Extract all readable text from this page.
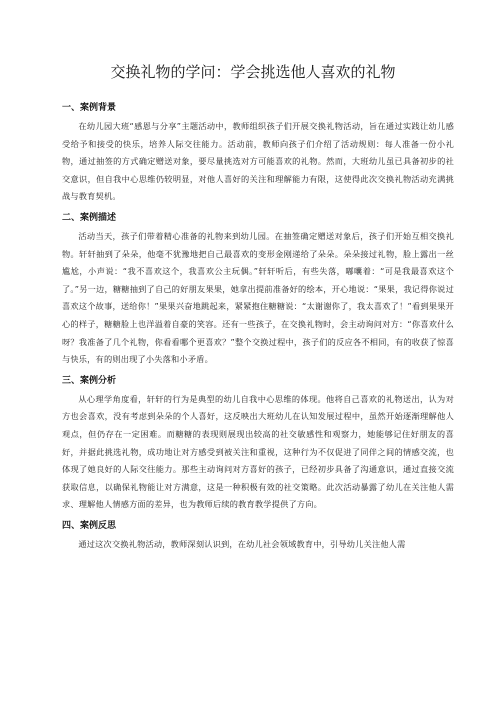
交换礼物的学问：学会挑选他人喜欢的礼物
一、案例背景

在幼儿园大班“感恩与分享”主题活动中，教师组织孩子们开展交换礼物活动，旨在通过实践让幼儿感受给予和接受的快乐，培养人际交往能力。活动前，教师向孩子们介绍了活动规则：每人准备一份小礼物，通过抽签的方式确定赠送对象，要尽量挑选对方可能喜欢的礼物。然而，大班幼儿虽已具备初步的社交意识，但自我中心思维仍较明显，对他人喜好的关注和理解能力有限，这使得此次交换礼物活动充满挑战与教育契机。

二、案例描述

活动当天，孩子们带着精心准备的礼物来到幼儿园。在抽签确定赠送对象后，孩子们开始互相交换礼物。轩轩抽到了朵朵，他毫不犹豫地把自己最喜欢的变形金刚递给了朵朵。朵朵接过礼物，脸上露出一丝尴尬，小声说：“我不喜欢这个，我喜欢公主玩偶。”轩轩听后，有些失落，嘟囔着：“可是我最喜欢这个了。”另一边，糖糖抽到了自己的好朋友果果，她拿出提前准备好的绘本，开心地说：“果果，我记得你说过喜欢这个故事，送给你！”果果兴奋地跳起来，紧紧抱住糖糖说：“太谢谢你了，我太喜欢了！”看到果果开心的样子，糖糖脸上也洋溢着自豪的笑容。还有一些孩子，在交换礼物时，会主动询问对方：“你喜欢什么呀？我准备了几个礼物，你看看哪个更喜欢？”整个交换过程中，孩子们的反应各不相同，有的收获了惊喜与快乐，有的则出现了小失落和小矛盾。

三、案例分析

从心理学角度看，轩轩的行为是典型的幼儿自我中心思维的体现。他将自己喜欢的礼物送出，认为对方也会喜欢，没有考虑到朵朵的个人喜好，这反映出大班幼儿在认知发展过程中，虽然开始逐渐理解他人观点，但仍存在一定困难。而糖糖的表现则展现出较高的社交敏感性和观察力，她能够记住好朋友的喜好，并据此挑选礼物，成功地让对方感受到被关注和重视，这种行为不仅促进了同伴之间的情感交流，也体现了她良好的人际交往能力。那些主动询问对方喜好的孩子，已经初步具备了沟通意识，通过直接交流获取信息，以确保礼物能让对方满意，这是一种积极有效的社交策略。此次活动暴露了幼儿在关注他人需求、理解他人情感方面的差异，也为教师后续的教育教学提供了方向。

四、案例反思

通过这次交换礼物活动，教师深刻认识到，在幼儿社会领域教育中，引导幼儿关注他人需
